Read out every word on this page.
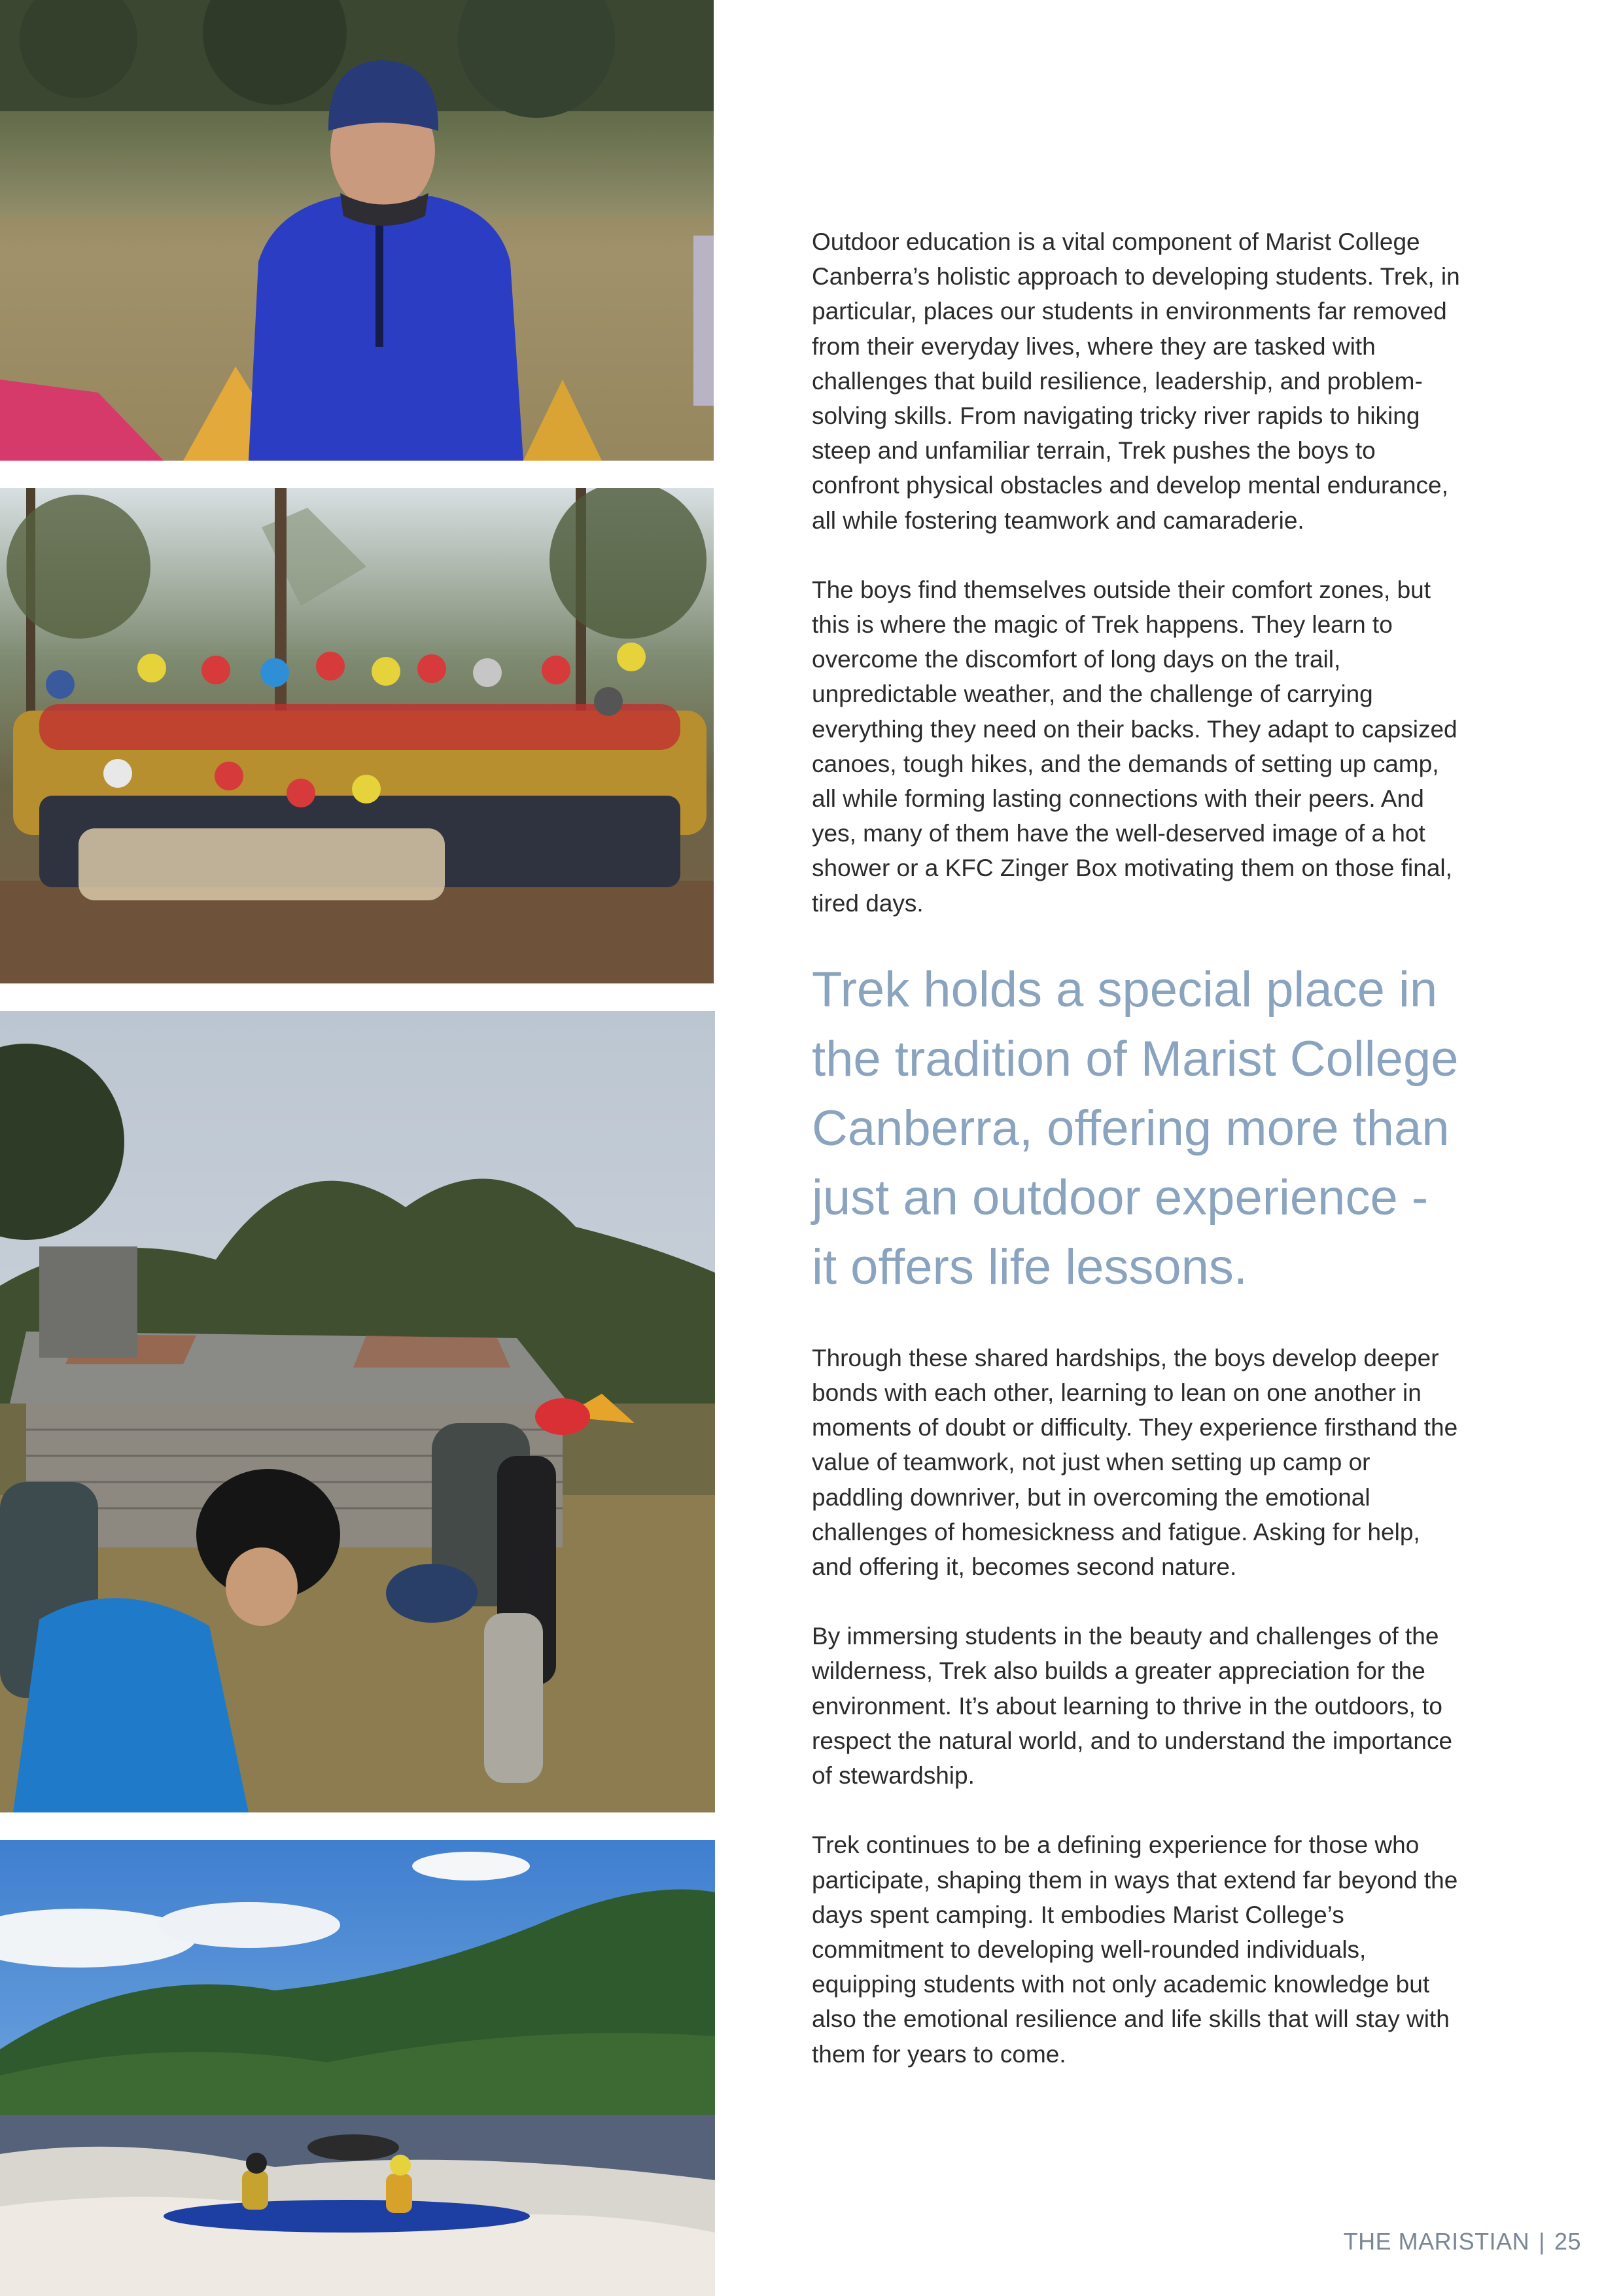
Outdoor education is a vital component of Marist College Canberra’s holistic approach to developing students. Trek, in particular, places our students in environments far removed from their everyday lives, where they are tasked with challenges that build resilience, leadership, and problem-solving skills. From navigating tricky river rapids to hiking steep and unfamiliar terrain, Trek pushes the boys to confront physical obstacles and develop mental endurance, all while fostering teamwork and camaraderie.

The boys find themselves outside their comfort zones, but this is where the magic of Trek happens. They learn to overcome the discomfort of long days on the trail, unpredictable weather, and the challenge of carrying everything they need on their backs. They adapt to capsized canoes, tough hikes, and the demands of setting up camp, all while forming lasting connections with their peers. And yes, many of them have the well-deserved image of a hot shower or a KFC Zinger Box motivating them on those final, tired days.

Trek holds a special place in the tradition of Marist College Canberra, offering more than just an outdoor experience - it offers life lessons.

Through these shared hardships, the boys develop deeper bonds with each other, learning to lean on one another in moments of doubt or difficulty. They experience firsthand the value of teamwork, not just when setting up camp or paddling downriver, but in overcoming the emotional challenges of homesickness and fatigue. Asking for help, and offering it, becomes second nature.

By immersing students in the beauty and challenges of the wilderness, Trek also builds a greater appreciation for the environment. It’s about learning to thrive in the outdoors, to respect the natural world, and to understand the importance of stewardship.

Trek continues to be a defining experience for those who participate, shaping them in ways that extend far beyond the days spent camping. It embodies Marist College’s commitment to developing well-rounded individuals, equipping students with not only academic knowledge but also the emotional resilience and life skills that will stay with them for years to come.

THE MARISTIAN | 25
